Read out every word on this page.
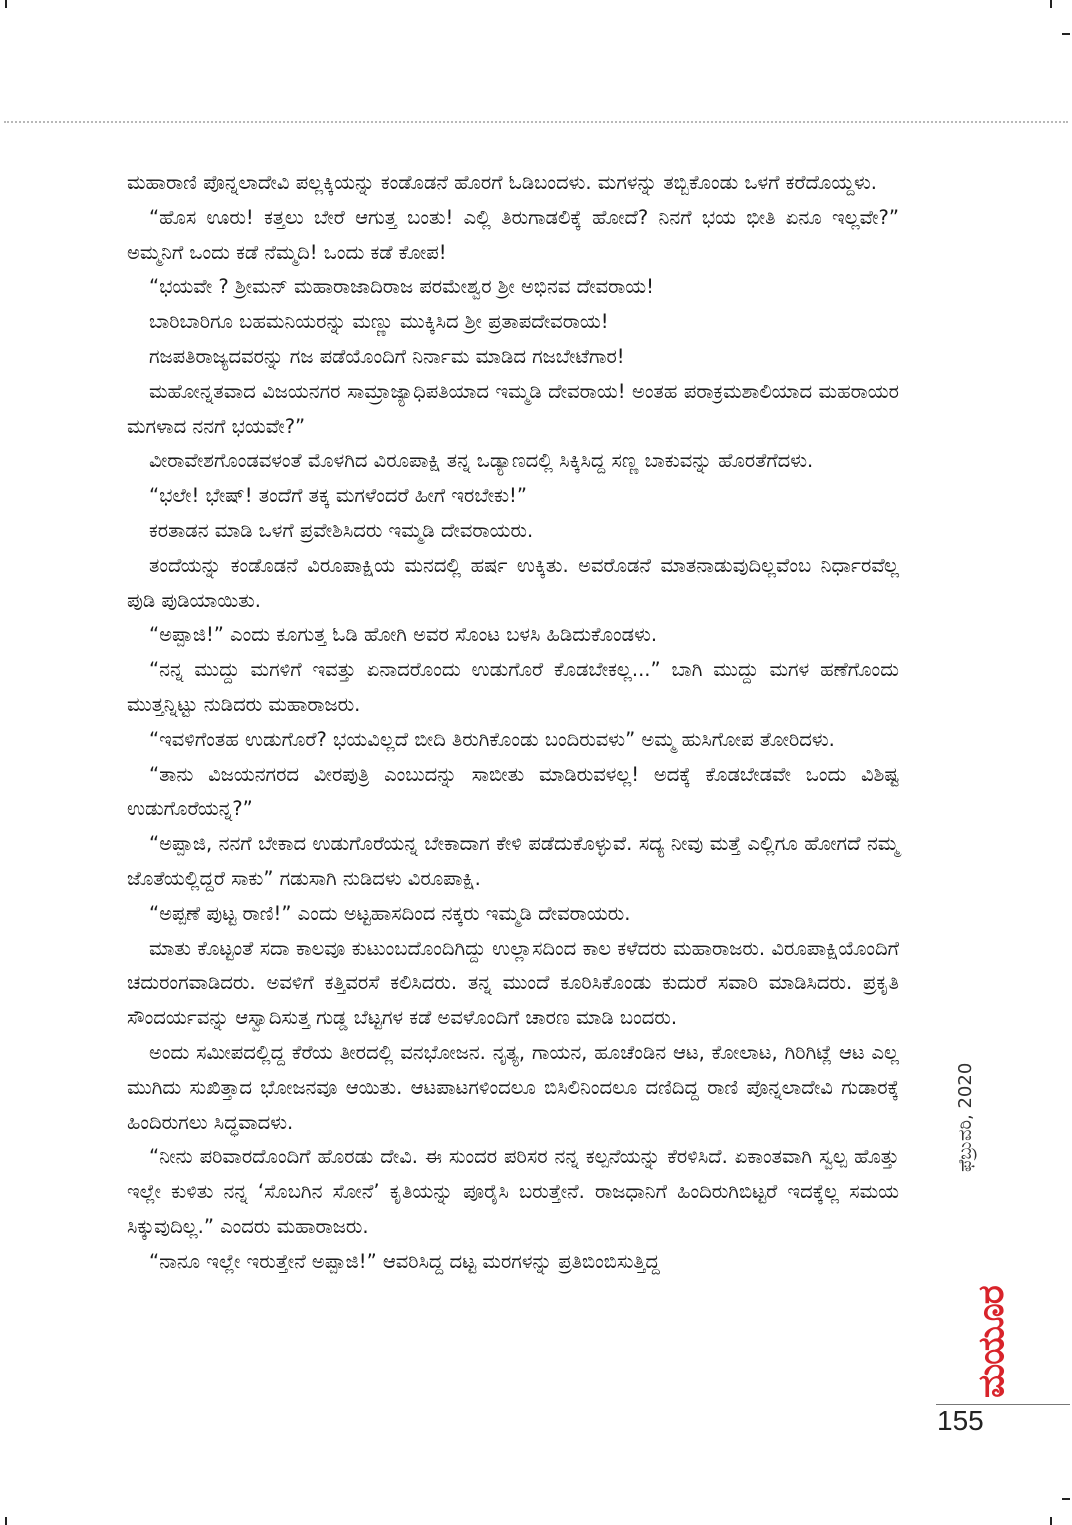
ಮಹಾರಾಣಿ ಪೊನ್ನಲಾದೇವಿ ಪಲ್ಲಕ್ಕಿಯನ್ನು ಕಂಡೊಡನೆ ಹೊರಗೆ ಓಡಿಬಂದಳು. ಮಗಳನ್ನು ತಬ್ಬಿಕೊಂಡು ಒಳಗೆ ಕರೆದೊಯ್ದಳು.

“ಹೊಸ ಊರು! ಕತ್ತಲು ಬೇರೆ ಆಗುತ್ತ ಬಂತು! ಎಲ್ಲಿ ತಿರುಗಾಡಲಿಕ್ಕೆ ಹೋದೆ? ನಿನಗೆ ಭಯ ಭೀತಿ ಏನೂ ಇಲ್ಲವೇ?” ಅಮ್ಮನಿಗೆ ಒಂದು ಕಡೆ ನೆಮ್ಮದಿ! ಒಂದು ಕಡೆ ಕೋಪ!

“ಭಯವೇ ? ಶ್ರೀಮನ್ ಮಹಾರಾಜಾದಿರಾಜ ಪರಮೇಶ್ವರ ಶ್ರೀ ಅಭಿನವ ದೇವರಾಯ!

ಬಾರಿಬಾರಿಗೂ ಬಹಮನಿಯರನ್ನು ಮಣ್ಣು ಮುಕ್ಕಿಸಿದ ಶ್ರೀ ಪ್ರತಾಪದೇವರಾಯ!

ಗಜಪತಿರಾಜ್ಯದವರನ್ನು ಗಜ ಪಡೆಯೊಂದಿಗೆ ನಿರ್ನಾಮ ಮಾಡಿದ ಗಜಬೇಟೆಗಾರ!

ಮಹೋನ್ನತವಾದ ವಿಜಯನಗರ ಸಾಮ್ರಾಜ್ಯಾಧಿಪತಿಯಾದ ಇಮ್ಮಡಿ ದೇವರಾಯ! ಅಂತಹ ಪರಾಕ್ರಮಶಾಲಿಯಾದ ಮಹರಾಯರ ಮಗಳಾದ ನನಗೆ ಭಯವೇ?”

ವೀರಾವೇಶಗೊಂಡವಳಂತೆ ಮೊಳಗಿದ ವಿರೂಪಾಕ್ಷಿ ತನ್ನ ಒಡ್ಯಾಣದಲ್ಲಿ ಸಿಕ್ಕಿಸಿದ್ದ ಸಣ್ಣ ಬಾಕುವನ್ನು ಹೊರತೆಗೆದಳು.

“ಭಲೇ! ಭೇಷ್! ತಂದೆಗೆ ತಕ್ಕ ಮಗಳೆಂದರೆ ಹೀಗೆ ಇರಬೇಕು!”

ಕರತಾಡನ ಮಾಡಿ ಒಳಗೆ ಪ್ರವೇಶಿಸಿದರು ಇಮ್ಮಡಿ ದೇವರಾಯರು.

ತಂದೆಯನ್ನು ಕಂಡೊಡನೆ ವಿರೂಪಾಕ್ಷಿಯ ಮನದಲ್ಲಿ ಹರ್ಷ ಉಕ್ಕಿತು. ಅವರೊಡನೆ ಮಾತನಾಡುವುದಿಲ್ಲವೆಂಬ ನಿರ್ಧಾರವೆಲ್ಲ ಪುಡಿ ಪುಡಿಯಾಯಿತು.

“ಅಪ್ಪಾಜಿ!” ಎಂದು ಕೂಗುತ್ತ ಓಡಿ ಹೋಗಿ ಅವರ ಸೊಂಟ ಬಳಸಿ ಹಿಡಿದುಕೊಂಡಳು.

“ನನ್ನ ಮುದ್ದು ಮಗಳಿಗೆ ಇವತ್ತು ಏನಾದರೊಂದು ಉಡುಗೊರೆ ಕೊಡಬೇಕಲ್ಲ...” ಬಾಗಿ ಮುದ್ದು ಮಗಳ ಹಣೆಗೊಂದು ಮುತ್ತನ್ನಿಟ್ಟು ನುಡಿದರು ಮಹಾರಾಜರು.

“ಇವಳಿಗೆಂತಹ ಉಡುಗೊರೆ? ಭಯವಿಲ್ಲದೆ ಬೀದಿ ತಿರುಗಿಕೊಂಡು ಬಂದಿರುವಳು” ಅಮ್ಮ ಹುಸಿಗೋಪ ತೋರಿದಳು.

“ತಾನು ವಿಜಯನಗರದ ವೀರಪುತ್ರಿ ಎಂಬುದನ್ನು ಸಾಬೀತು ಮಾಡಿರುವಳಲ್ಲ! ಅದಕ್ಕೆ ಕೊಡಬೇಡವೇ ಒಂದು ವಿಶಿಷ್ಟ ಉಡುಗೊರೆಯನ್ನ?”

“ಅಪ್ಪಾಜಿ, ನನಗೆ ಬೇಕಾದ ಉಡುಗೊರೆಯನ್ನ ಬೇಕಾದಾಗ ಕೇಳಿ ಪಡೆದುಕೊಳ್ಳುವೆ. ಸದ್ಯ ನೀವು ಮತ್ತೆ ಎಲ್ಲಿಗೂ ಹೋಗದೆ ನಮ್ಮ ಜೊತೆಯಲ್ಲಿದ್ದರೆ ಸಾಕು” ಗಡುಸಾಗಿ ನುಡಿದಳು ವಿರೂಪಾಕ್ಷಿ.

“ಅಪ್ಪಣೆ ಪುಟ್ಟ ರಾಣಿ!” ಎಂದು ಅಟ್ಟಹಾಸದಿಂದ ನಕ್ಕರು ಇಮ್ಮಡಿ ದೇವರಾಯರು.

ಮಾತು ಕೊಟ್ಟಂತೆ ಸದಾ ಕಾಲವೂ ಕುಟುಂಬದೊಂದಿಗಿದ್ದು ಉಲ್ಲಾಸದಿಂದ ಕಾಲ ಕಳೆದರು ಮಹಾರಾಜರು. ವಿರೂಪಾಕ್ಷಿಯೊಂದಿಗೆ ಚದುರಂಗವಾಡಿದರು. ಅವಳಿಗೆ ಕತ್ತಿವರಸೆ ಕಲಿಸಿದರು. ತನ್ನ ಮುಂದೆ ಕೂರಿಸಿಕೊಂಡು ಕುದುರೆ ಸವಾರಿ ಮಾಡಿಸಿದರು. ಪ್ರಕೃತಿ ಸೌಂದರ್ಯವನ್ನು ಆಸ್ವಾದಿಸುತ್ತ ಗುಡ್ಡ ಬೆಟ್ಟಗಳ ಕಡೆ ಅವಳೊಂದಿಗೆ ಚಾರಣ ಮಾಡಿ ಬಂದರು.

ಅಂದು ಸಮೀಪದಲ್ಲಿದ್ದ ಕೆರೆಯ ತೀರದಲ್ಲಿ ವನಭೋಜನ. ನೃತ್ಯ, ಗಾಯನ, ಹೂಚೆಂಡಿನ ಆಟ, ಕೋಲಾಟ, ಗಿರಿಗಿಟ್ಲೆ ಆಟ ಎಲ್ಲ ಮುಗಿದು ಸುಖಿತ್ತಾದ ಭೋಜನವೂ ಆಯಿತು. ಆಟಪಾಟಗಳಿಂದಲೂ ಬಿಸಿಲಿನಿಂದಲೂ ದಣಿದಿದ್ದ ರಾಣಿ ಪೊನ್ನಲಾದೇವಿ ಗುಡಾರಕ್ಕೆ ಹಿಂದಿರುಗಲು ಸಿದ್ಧವಾದಳು.

“ನೀನು ಪರಿವಾರದೊಂದಿಗೆ ಹೊರಡು ದೇವಿ. ಈ ಸುಂದರ ಪರಿಸರ ನನ್ನ ಕಲ್ಪನೆಯನ್ನು ಕೆರಳಿಸಿದೆ. ಏಕಾಂತವಾಗಿ ಸ್ವಲ್ಪ ಹೊತ್ತು ಇಲ್ಲೇ ಕುಳಿತು ನನ್ನ ‘ಸೊಬಗಿನ ಸೋನೆ’ ಕೃತಿಯನ್ನು ಪೂರೈಸಿ ಬರುತ್ತೇನೆ. ರಾಜಧಾನಿಗೆ ಹಿಂದಿರುಗಿಬಿಟ್ಟರೆ ಇದಕ್ಕೆಲ್ಲ ಸಮಯ ಸಿಕ್ಕುವುದಿಲ್ಲ.” ಎಂದರು ಮಹಾರಾಜರು.

“ನಾನೂ ಇಲ್ಲೇ ಇರುತ್ತೇನೆ ಅಪ್ಪಾಜಿ!” ಆವರಿಸಿದ್ದ ದಟ್ಟ ಮರಗಳನ್ನು ಪ್ರತಿಬಿಂಬಿಸುತ್ತಿದ್ದ

ಫೆಬ್ರುವರಿ, 2020
ಮಯೂರ
155
